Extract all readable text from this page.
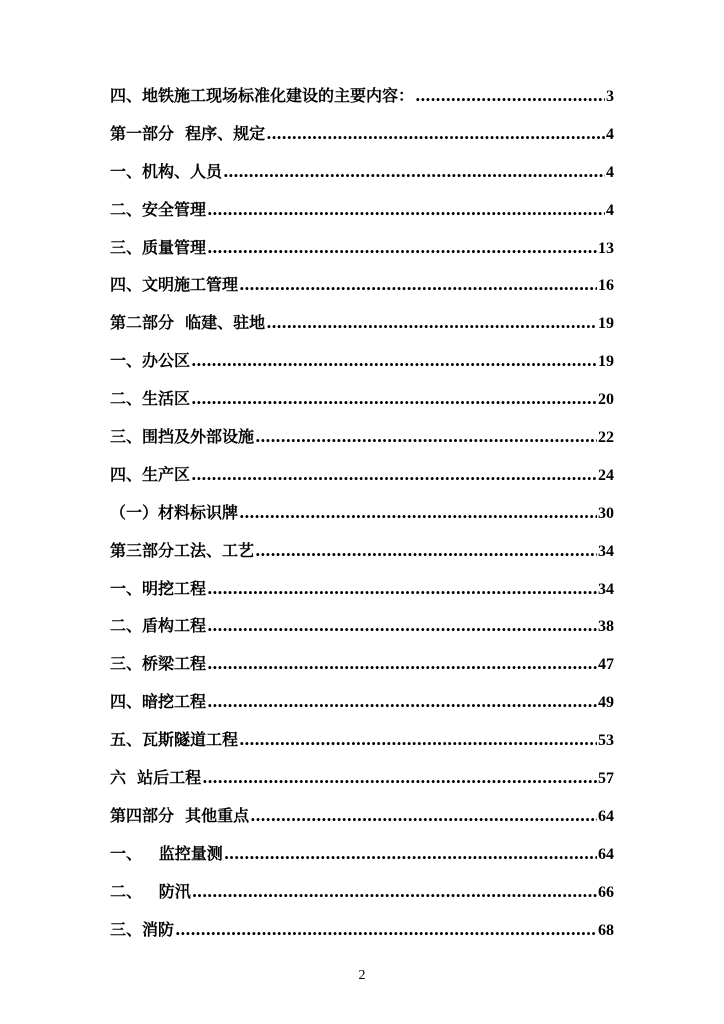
四、地铁施工现场标准化建设的主要内容： .....	3
第一部分  程序、规定 .....	4
一、机构、人员 .....	4
二、安全管理 .....	4
三、质量管理 .....	13
四、文明施工管理 .....	16
第二部分  临建、驻地 .....	19
一、办公区 .....	19
二、生活区 .....	20
三、围挡及外部设施 .....	22
四、生产区 .....	24
（一）材料标识牌 .....	30
第三部分工法、工艺 .....	34
一、明挖工程 .....	34
二、盾构工程 .....	38
三、桥梁工程 .....	47
四、暗挖工程 .....	49
五、瓦斯隧道工程 .....	53
六  站后工程 .....	57
第四部分  其他重点 .....	64
一、   监控量测 .....	64
二、   防汛 .....	66
三、消防 .....	68
2
